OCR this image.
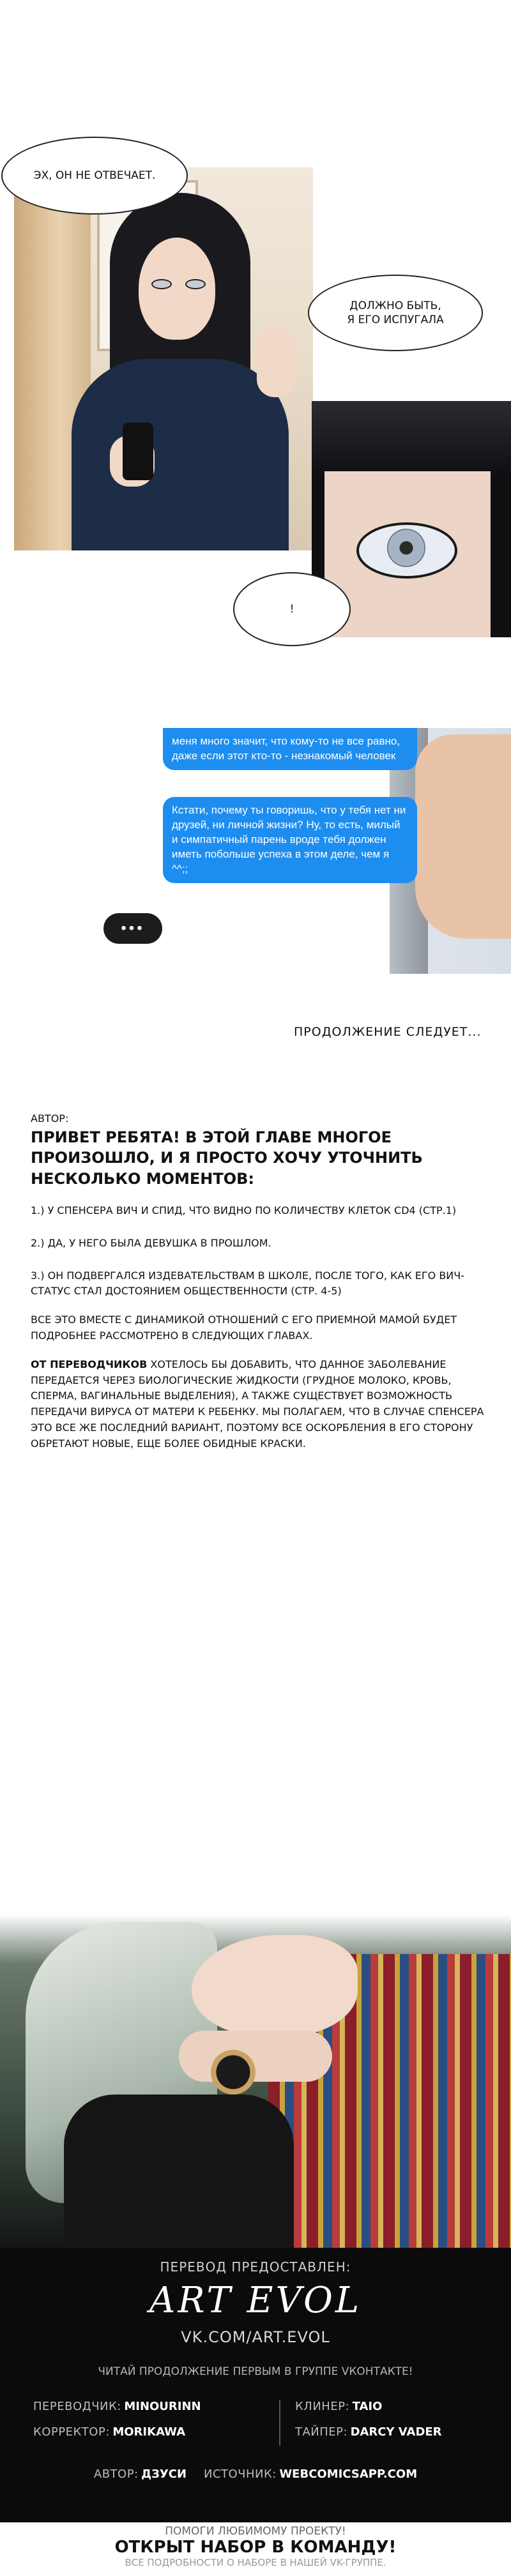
ЭХ, ОН НЕ ОТВЕЧАЕТ.
ДОЛЖНО БЫТЬ,
Я ЕГО ИСПУГАЛА
!
меня много значит, что кому-то не все равно, даже если этот кто-то - незнакомый человек
Кстати, почему ты говоришь, что у тебя нет ни друзей, ни личной жизни? Ну, то есть, милый и симпатичный парень вроде тебя должен иметь побольше успеха в этом деле, чем я ^^;;
•••
ПРОДОЛЖЕНИЕ СЛЕДУЕТ...
АВТОР:
ПРИВЕТ РЕБЯТА! В ЭТОЙ ГЛАВЕ МНОГОЕ ПРОИЗОШЛО, И Я ПРОСТО ХОЧУ УТОЧНИТЬ НЕСКОЛЬКО МОМЕНТОВ:
1.) У СПЕНСЕРА ВИЧ И СПИД, ЧТО ВИДНО ПО КОЛИЧЕСТВУ КЛЕТОК CD4 (СТР.1)
2.) ДА, У НЕГО БЫЛА ДЕВУШКА В ПРОШЛОМ.
3.) ОН ПОДВЕРГАЛСЯ ИЗДЕВАТЕЛЬСТВАМ В ШКОЛЕ, ПОСЛЕ ТОГО, КАК ЕГО ВИЧ-СТАТУС СТАЛ ДОСТОЯНИЕМ ОБЩЕСТВЕННОСТИ (СТР. 4-5)
ВСЕ ЭТО ВМЕСТЕ С ДИНАМИКОЙ ОТНОШЕНИЙ С ЕГО ПРИЕМНОЙ МАМОЙ БУДЕТ ПОДРОБНЕЕ РАССМОТРЕНО В СЛЕДУЮЩИХ ГЛАВАХ.
ОТ ПЕРЕВОДЧИКОВ ХОТЕЛОСЬ БЫ ДОБАВИТЬ, ЧТО ДАННОЕ ЗАБОЛЕВАНИЕ ПЕРЕДАЕТСЯ ЧЕРЕЗ БИОЛОГИЧЕСКИЕ ЖИДКОСТИ (ГРУДНОЕ МОЛОКО, КРОВЬ, СПЕРМА, ВАГИНАЛЬНЫЕ ВЫДЕЛЕНИЯ), А ТАКЖЕ СУЩЕСТВУЕТ ВОЗМОЖНОСТЬ ПЕРЕДАЧИ ВИРУСА ОТ МАТЕРИ К РЕБЕНКУ. МЫ ПОЛАГАЕМ, ЧТО В СЛУЧАЕ СПЕНСЕРА ЭТО ВСЕ ЖЕ ПОСЛЕДНИЙ ВАРИАНТ, ПОЭТОМУ ВСЕ ОСКОРБЛЕНИЯ В ЕГО СТОРОНУ ОБРЕТАЮТ НОВЫЕ, ЕЩЕ БОЛЕЕ ОБИДНЫЕ КРАСКИ.
ПЕРЕВОД ПРЕДОСТАВЛЕН:
ART EVOL
VK.COM/ART.EVOL
ЧИТАЙ ПРОДОЛЖЕНИЕ ПЕРВЫМ В ГРУППЕ VКОНТАКТЕ!
ПЕРЕВОДЧИК: MINOURINN	КЛИНЕР: TAIO
КОРРЕКТОР: MORIKAWA	ТАЙПЕР: DARCY VADER
АВТОР: ДЗУСИ ИСТОЧНИК: WEBCOMICSAPP.COM
ПОМОГИ ЛЮБИМОМУ ПРОЕКТУ!
ОТКРЫТ НАБОР В КОМАНДУ!
ВСЕ ПОДРОБНОСТИ О НАБОРЕ В НАШЕЙ VK-ГРУППЕ.
